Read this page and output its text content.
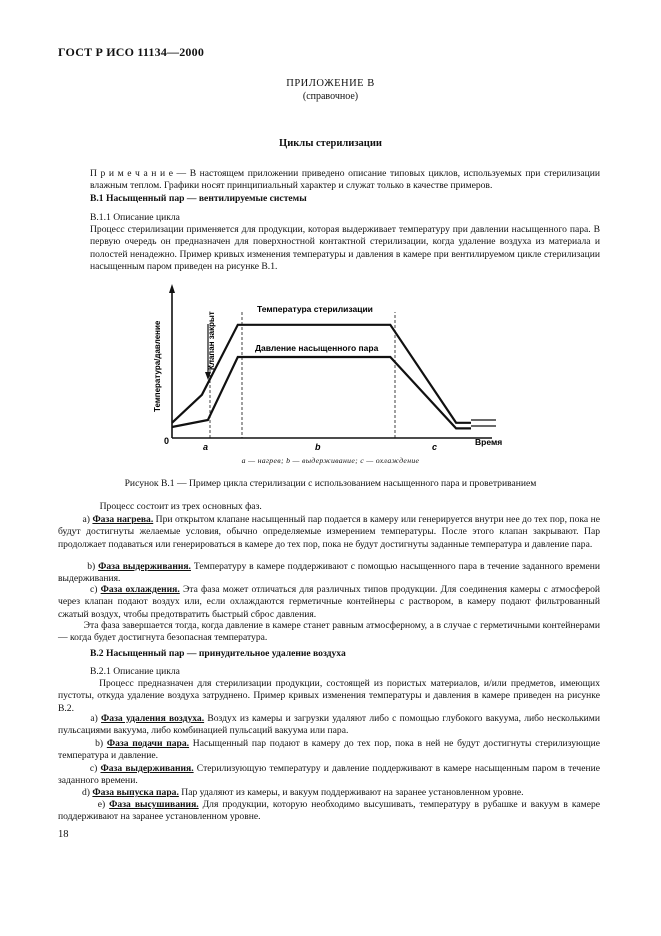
ГОСТ Р ИСО 11134—2000
ПРИЛОЖЕНИЕ В
(справочное)
Циклы стерилизации

П р и м е ч а н и е — В настоящем приложении приведено описание типовых циклов, используемых при стерилизации влажным теплом. Графики носят принципиальный характер и служат только в качестве примеров.

В.1 Насыщенный пар — вентилируемые системы

В.1.1 Описание цикла

Процесс стерилизации применяется для продукции, которая выдерживает температуру при давлении насыщенного пара. В первую очередь он предназначен для поверхностной контактной стерилизации, когда удаление воздуха из материала и полостей ненадежно. Пример кривых изменения температуры и давления в камере при вентилируемом цикле стерилизации насыщенным паром приведен на рисунке В.1.

0
Температура/давление	Клапан закрыт
Температура стерилизации
Давление насыщенного пара
a	b	c	Время
a — нагрев; b — выдерживание; c — охлаждение
Рисунок В.1 — Пример цикла стерилизации с использованием насыщенного пара и проветриванием

Процесс состоит из трех основных фаз.

a) Фаза нагрева. При открытом клапане насыщенный пар подается в камеру или генерируется внутри нее до тех пор, пока не будут достигнуты желаемые условия, обычно определяемые измерением температуры. После этого клапан закрывают. Пар продолжает подаваться или генерироваться в камере до тех пор, пока не будут достигнуты заданные температура и давление пара.

b) Фаза выдерживания. Температуру в камере поддерживают с помощью насыщенного пара в течение заданного времени выдерживания.

c) Фаза охлаждения. Эта фаза может отличаться для различных типов продукции. Для соединения камеры с атмосферой через клапан подают воздух или, если охлаждаются герметичные контейнеры с раствором, в камеру подают фильтрованный сжатый воздух, чтобы предотвратить быстрый сброс давления.

Эта фаза завершается тогда, когда давление в камере станет равным атмосферному, а в случае с герметичными контейнерами — когда будет достигнута безопасная температура.

В.2 Насыщенный пар — принудительное удаление воздуха

В.2.1 Описание цикла

Процесс предназначен для стерилизации продукции, состоящей из пористых материалов, и/или предметов, имеющих пустоты, откуда удаление воздуха затруднено. Пример кривых изменения температуры и давления в камере приведен на рисунке В.2.

a) Фаза удаления воздуха. Воздух из камеры и загрузки удаляют либо с помощью глубокого вакуума, либо несколькими пульсациями вакуума, либо комбинацией пульсаций вакуума или пара.

b) Фаза подачи пара. Насыщенный пар подают в камеру до тех пор, пока в ней не будут достигнуты стерилизующие температура и давление.

c) Фаза выдерживания. Стерилизующую температуру и давление поддерживают в камере насыщенным паром в течение заданного времени.

d) Фаза выпуска пара. Пар удаляют из камеры, и вакуум поддерживают на заранее установленном уровне.

e) Фаза высушивания. Для продукции, которую необходимо высушивать, температуру в рубашке и вакуум в камере поддерживают на заранее установленном уровне.

18
